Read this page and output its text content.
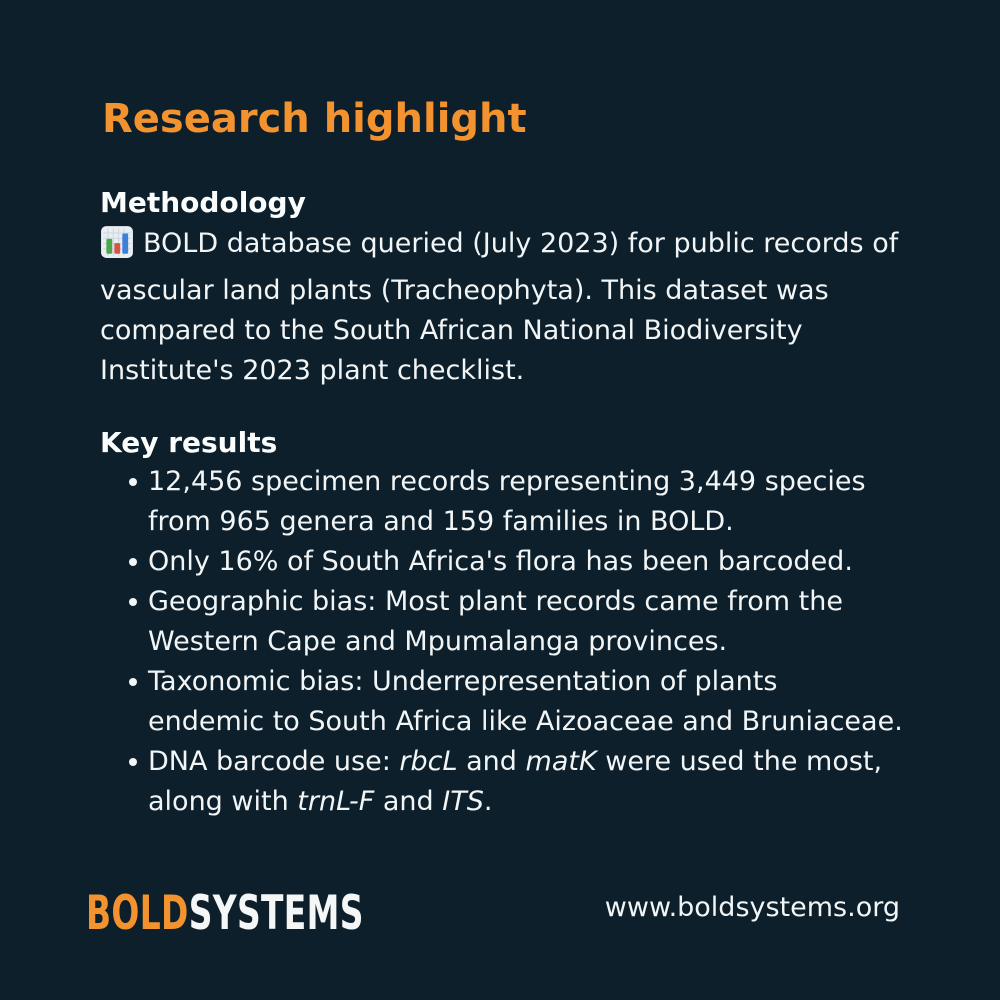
Research highlight
Methodology
BOLD database queried (July 2023) for public records of
vascular land plants (Tracheophyta). This dataset was
compared to the South African National Biodiversity
Institute's 2023 plant checklist.
Key results
12,456 specimen records representing 3,449 species
from 965 genera and 159 families in BOLD.
Only 16% of South Africa's flora has been barcoded.
Geographic bias: Most plant records came from the
Western Cape and Mpumalanga provinces.
Taxonomic bias: Underrepresentation of plants
endemic to South Africa like Aizoaceae and Bruniaceae.
DNA barcode use: rbcL and matK were used the most,
along with trnL-F and ITS.
BOLDSYSTEMS	www.boldsystems.org
